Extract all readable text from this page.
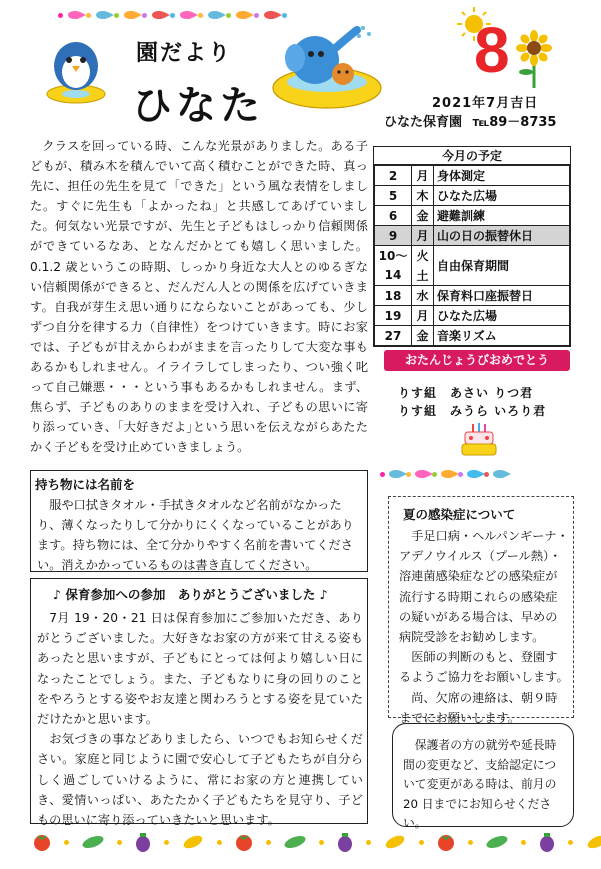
園だより
ひなた
8
2021年7月吉日
ひなた保育園 ℡89－8735
クラスを回っている時、こんな光景がありました。ある子どもが、積み木を積んでいて高く積むことができた時、真っ先に、担任の先生を見て「できた」という風な表情をしました。すぐに先生も「よかったね」と共感してあげていました。何気ない光景ですが、先生と子どもはしっかり信頼関係ができているなあ、となんだかとても嬉しく思いました。0.1.2 歳というこの時期、しっかり身近な大人とのゆるぎない信頼関係ができると、だんだん人との関係を広げていきます。自我が芽生え思い通りにならないことがあっても、少しずつ自分を律する力（自律性）をつけていきます。時にお家では、子どもが甘えからわがままを言ったりして大変な事もあるかもしれません。イライラしてしまったり、つい強く叱って自己嫌悪・・・という事もあるかもしれません。まず、焦らず、子どものありのままを受け入れ、子どもの思いに寄り添っていき、｢大好きだよ｣という思いを伝えながらあたたかく子どもを受け止めていきましょう。
今月の予定
2	月	身体測定
5	木	ひなた広場
6	金	避難訓練
9	月	山の日の振替休日
10～	火	自由保育期間
14	土	
18	水	保育料口座振替日
19	月	ひなた広場
27	金	音楽リズム
おたんじょうびおめでとう
りす組　あさい りつ君
りす組　みうら いろり君
持ち物には名前を
服や口拭きタオル・手拭きタオルなど名前がなかったり、薄くなったりして分かりにくくなっていることがあります。持ち物には、全て分かりやすく名前を書いてください。消えかかっているものは書き直してください。
♪ 保育参加への参加　ありがとうございました ♪
7月 19・20・21 日は保育参加にご参加いただき、ありがとうございました。大好きなお家の方が来て甘える姿もあったと思いますが、子どもにとっては何より嬉しい日になったことでしょう。また、子どもなりに身の回りのことをやろうとする姿やお友達と関わろうとする姿を見ていただけたかと思います。
お気づきの事などありましたら、いつでもお知らせください。家庭と同じように園で安心して子どもたちが自分らしく過ごしていけるように、常にお家の方と連携していき、愛情いっぱい、あたたかく子どもたちを見守り、子どもの思いに寄り添っていきたいと思います。
夏の感染症について
手足口病・ヘルパンギーナ・アデノウイルス（プール熱）・溶連菌感染症などの感染症が流行する時期これらの感染症の疑いがある場合は、早めの病院受診をお勧めします。
医師の判断のもと、登園するようご協力をお願いします。
尚、欠席の連絡は、朝９時までにお願いします。
保護者の方の就労や延長時間の変更など、支給認定について変更がある時は、前月の 20 日までにお知らせください。
